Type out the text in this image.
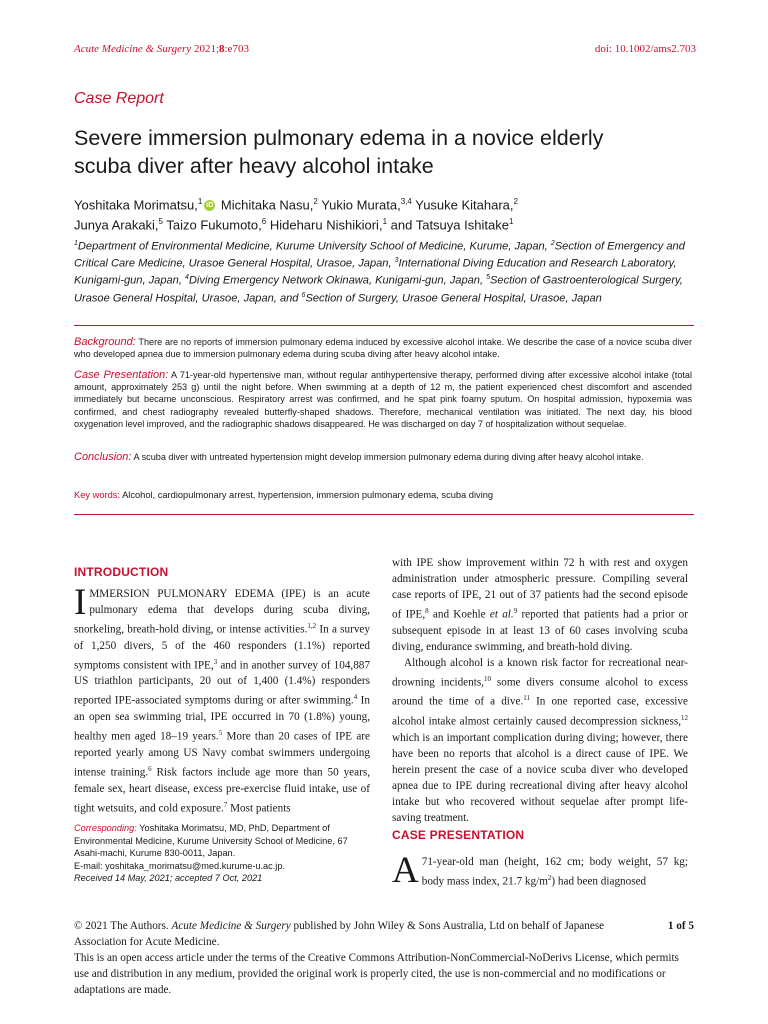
Acute Medicine & Surgery 2021;8:e703	doi: 10.1002/ams2.703
Case Report
Severe immersion pulmonary edema in a novice elderly
scuba diver after heavy alcohol intake
Yoshitaka Morimatsu,$^1$ iD Michitaka Nasu,$^2$ Yukio Murata,$^{3,4}$ Yusuke Kitahara,$^2$
Junya Arakaki,$^5$ Taizo Fukumoto,$^6$ Hideharu Nishikiori,$^1$ and Tatsuya Ishitake$^1$
$^1$Department of Environmental Medicine, Kurume University School of Medicine, Kurume, Japan, $^2$Section of Emergency and Critical Care Medicine, Urasoe General Hospital, Urasoe, Japan, $^3$International Diving Education and Research Laboratory, Kunigami-gun, Japan, $^4$Diving Emergency Network Okinawa, Kunigami-gun, Japan, $^5$Section of Gastroenterological Surgery, Urasoe General Hospital, Urasoe, Japan, and $^6$Section of Surgery, Urasoe General Hospital, Urasoe, Japan
Background: There are no reports of immersion pulmonary edema induced by excessive alcohol intake. We describe the case of a novice scuba diver who developed apnea due to immersion pulmonary edema during scuba diving after heavy alcohol intake.
Case Presentation: A 71-year-old hypertensive man, without regular antihypertensive therapy, performed diving after excessive alcohol intake (total amount, approximately 253 g) until the night before. When swimming at a depth of 12 m, the patient experienced chest discomfort and ascended immediately but became unconscious. Respiratory arrest was confirmed, and he spat pink foamy sputum. On hospital admission, hypoxemia was confirmed, and chest radiography revealed butterfly-shaped shadows. Therefore, mechanical ventilation was initiated. The next day, his blood oxygenation level improved, and the radiographic shadows disappeared. He was discharged on day 7 of hospitalization without sequelae.
Conclusion: A scuba diver with untreated hypertension might develop immersion pulmonary edema during diving after heavy alcohol intake.
Key words: Alcohol, cardiopulmonary arrest, hypertension, immersion pulmonary edema, scuba diving
INTRODUCTION
IMMERSION PULMONARY EDEMA (IPE) is an acute pulmonary edema that develops during scuba diving, snorkeling, breath-hold diving, or intense activities.$^{1,2}$ In a survey of 1,250 divers, 5 of the 460 responders (1.1%) reported symptoms consistent with IPE,$^3$ and in another survey of 104,887 US triathlon participants, 20 out of 1,400 (1.4%) responders reported IPE-associated symptoms during or after swimming.$^4$ In an open sea swimming trial, IPE occurred in 70 (1.8%) young, healthy men aged 18–19 years.$^5$ More than 20 cases of IPE are reported yearly among US Navy combat swimmers undergoing intense training.$^6$ Risk factors include age more than 50 years, female sex, heart disease, excess pre-exercise fluid intake, use of tight wetsuits, and cold exposure.$^7$ Most patients
Corresponding: Yoshitaka Morimatsu, MD, PhD, Department of Environmental Medicine, Kurume University School of Medicine, 67 Asahi-machi, Kurume 830-0011, Japan.
E-mail: yoshitaka_morimatsu@med.kurume-u.ac.jp.
Received 14 May, 2021; accepted 7 Oct, 2021
with IPE show improvement within 72 h with rest and oxygen administration under atmospheric pressure. Compiling several case reports of IPE, 21 out of 37 patients had the second episode of IPE,$^8$ and Koehle et al.$^9$ reported that patients had a prior or subsequent episode in at least 13 of 60 cases involving scuba diving, endurance swimming, and breath-hold diving.
Although alcohol is a known risk factor for recreational near-drowning incidents,$^{10}$ some divers consume alcohol to excess around the time of a dive.$^{11}$ In one reported case, excessive alcohol intake almost certainly caused decompression sickness,$^{12}$ which is an important complication during diving; however, there have been no reports that alcohol is a direct cause of IPE. We herein present the case of a novice scuba diver who developed apnea due to IPE during recreational diving after heavy alcohol intake but who recovered without sequelae after prompt life-saving treatment.
CASE PRESENTATION
A 71-year-old man (height, 162 cm; body weight, 57 kg; body mass index, 21.7 $kg/m^2$) had been diagnosed
© 2021 The Authors. Acute Medicine & Surgery published by John Wiley & Sons Australia, Ltd on behalf of Japanese Association for Acute Medicine.
1 of 5
This is an open access article under the terms of the Creative Commons Attribution-NonCommercial-NoDerivs License, which permits use and distribution in any medium, provided the original work is properly cited, the use is non-commercial and no modifications or adaptations are made.
